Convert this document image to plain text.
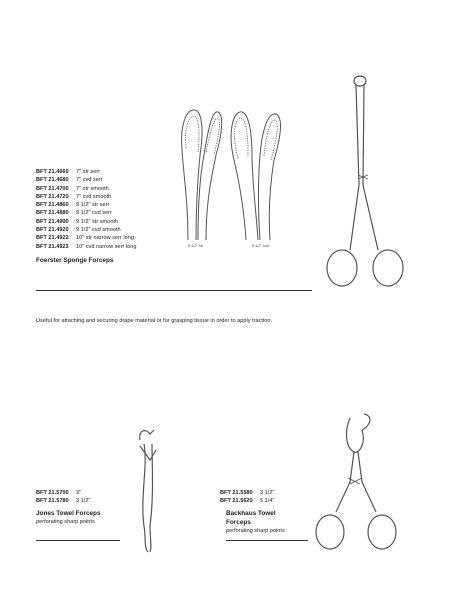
BFT 21.4660	7" str serr
BFT 21.4680	7" cvd serr
BFT 21.4700	7" str smooth
BFT 21.4720	7" cvd smooth
BFT 21.4860	9 1/2" str serr
BFT 21.4880	9 1/2" cvd serr
BFT 21.4900	9 1/2" str smooth
BFT 21.4920	9 1/2" cvd smooth
BFT 21.4922	10" str narrow serr long
BFT 21.4923	10" cvd narrow serr long
Foerster Sponge Forceps
9 1/2" str	9 1/2" cvd
Useful for attaching and securing drape material or for grasping tissue in order to apply traction.
BFT 21.5700	3"
BFT 21.5780	3 1/2"
Jones Towel Forceps
perforating sharp points
BFT 21.5580	3 1/2"
BFT 21.5620	5 1/4"
Backhaus Towel
Forceps
perforating sharp points
